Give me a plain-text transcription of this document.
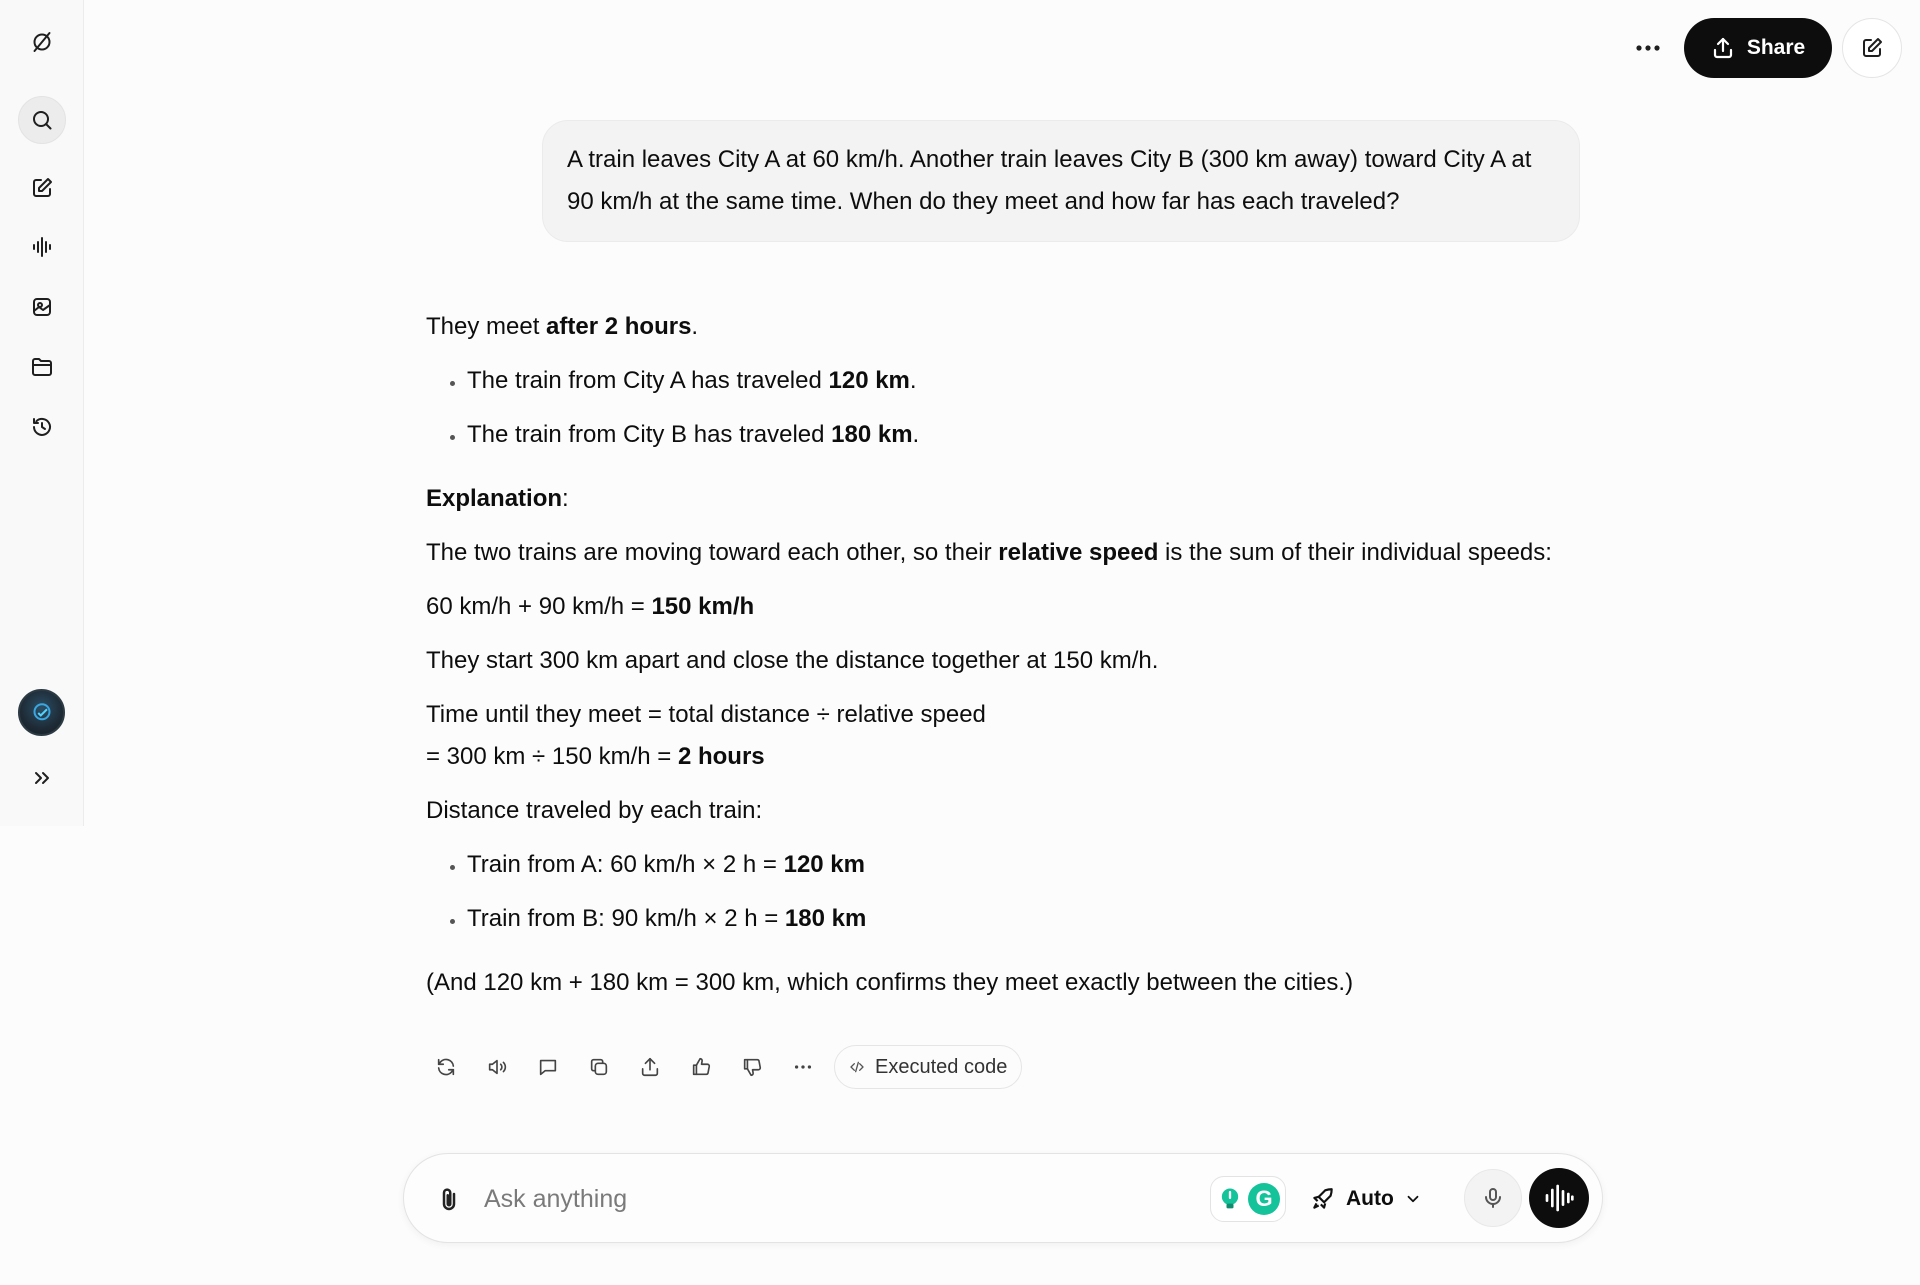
Share
A train leaves City A at 60 km/h. Another train leaves City B (300 km away) toward City A at 90 km/h at the same time. When do they meet and how far has each traveled?

They meet after 2 hours.

• The train from City A has traveled 120 km.
• The train from City B has traveled 180 km.

Explanation:

The two trains are moving toward each other, so their relative speed is the sum of their individual speeds:

60 km/h + 90 km/h = 150 km/h

They start 300 km apart and close the distance together at 150 km/h.

Time until they meet = total distance ÷ relative speed
= 300 km ÷ 150 km/h = 2 hours

Distance traveled by each train:

• Train from A: 60 km/h × 2 h = 120 km
• Train from B: 90 km/h × 2 h = 180 km

(And 120 km + 180 km = 300 km, which confirms they meet exactly between the cities.)

Executed code
Ask anything
G	Auto
